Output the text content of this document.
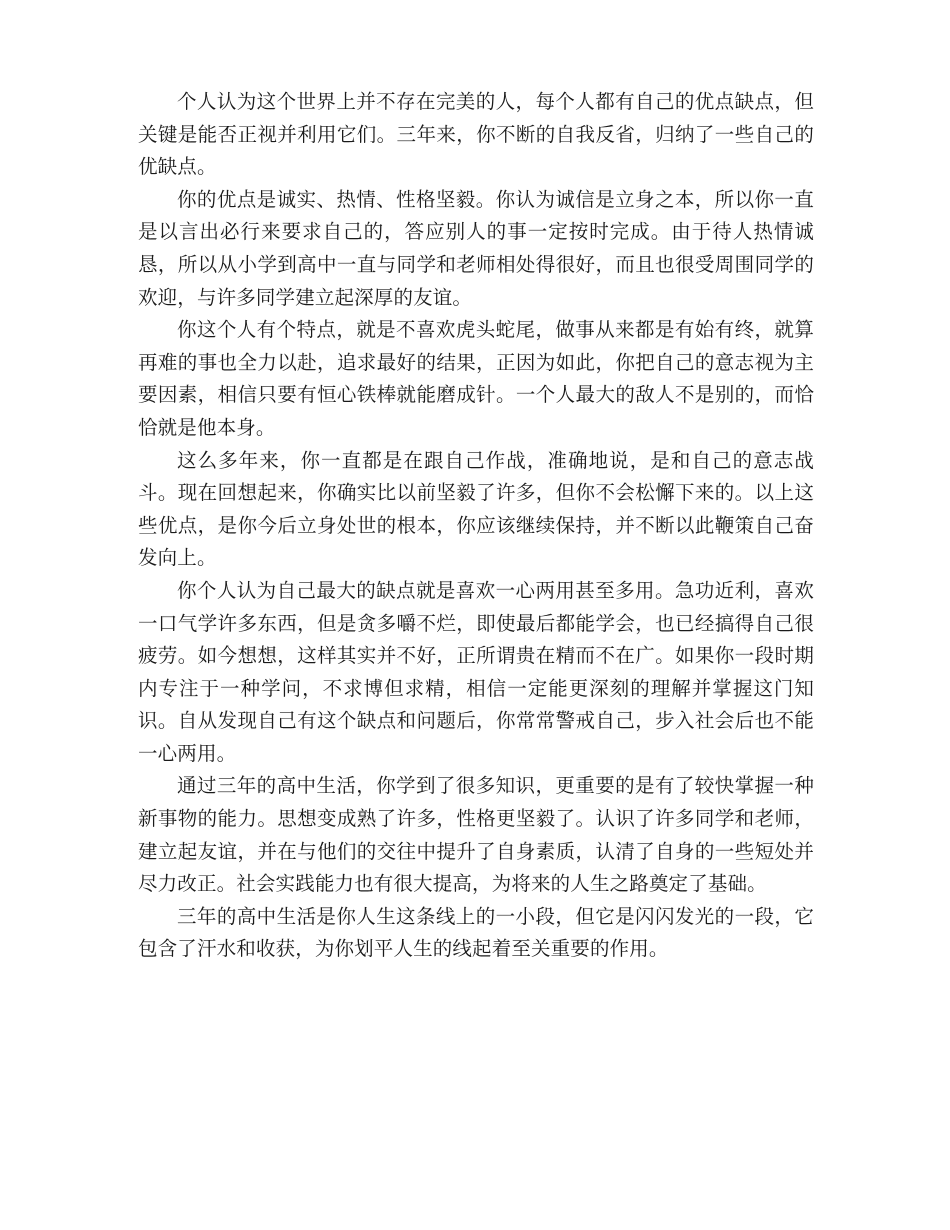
个人认为这个世界上并不存在完美的人，每个人都有自己的优点缺点，但关键是能否正视并利用它们。三年来，你不断的自我反省，归纳了一些自己的优缺点。

你的优点是诚实、热情、性格坚毅。你认为诚信是立身之本，所以你一直是以言出必行来要求自己的，答应别人的事一定按时完成。由于待人热情诚恳，所以从小学到高中一直与同学和老师相处得很好，而且也很受周围同学的欢迎，与许多同学建立起深厚的友谊。

你这个人有个特点，就是不喜欢虎头蛇尾，做事从来都是有始有终，就算再难的事也全力以赴，追求最好的结果，正因为如此，你把自己的意志视为主要因素，相信只要有恒心铁棒就能磨成针。一个人最大的敌人不是别的，而恰恰就是他本身。

这么多年来，你一直都是在跟自己作战，准确地说，是和自己的意志战斗。现在回想起来，你确实比以前坚毅了许多，但你不会松懈下来的。以上这些优点，是你今后立身处世的根本，你应该继续保持，并不断以此鞭策自己奋发向上。

你个人认为自己最大的缺点就是喜欢一心两用甚至多用。急功近利，喜欢一口气学许多东西，但是贪多嚼不烂，即使最后都能学会，也已经搞得自己很疲劳。如今想想，这样其实并不好，正所谓贵在精而不在广。如果你一段时期内专注于一种学问，不求博但求精，相信一定能更深刻的理解并掌握这门知识。自从发现自己有这个缺点和问题后，你常常警戒自己，步入社会后也不能一心两用。

通过三年的高中生活，你学到了很多知识，更重要的是有了较快掌握一种新事物的能力。思想变成熟了许多，性格更坚毅了。认识了许多同学和老师，建立起友谊，并在与他们的交往中提升了自身素质，认清了自身的一些短处并尽力改正。社会实践能力也有很大提高，为将来的人生之路奠定了基础。

三年的高中生活是你人生这条线上的一小段，但它是闪闪发光的一段，它包含了汗水和收获，为你划平人生的线起着至关重要的作用。
